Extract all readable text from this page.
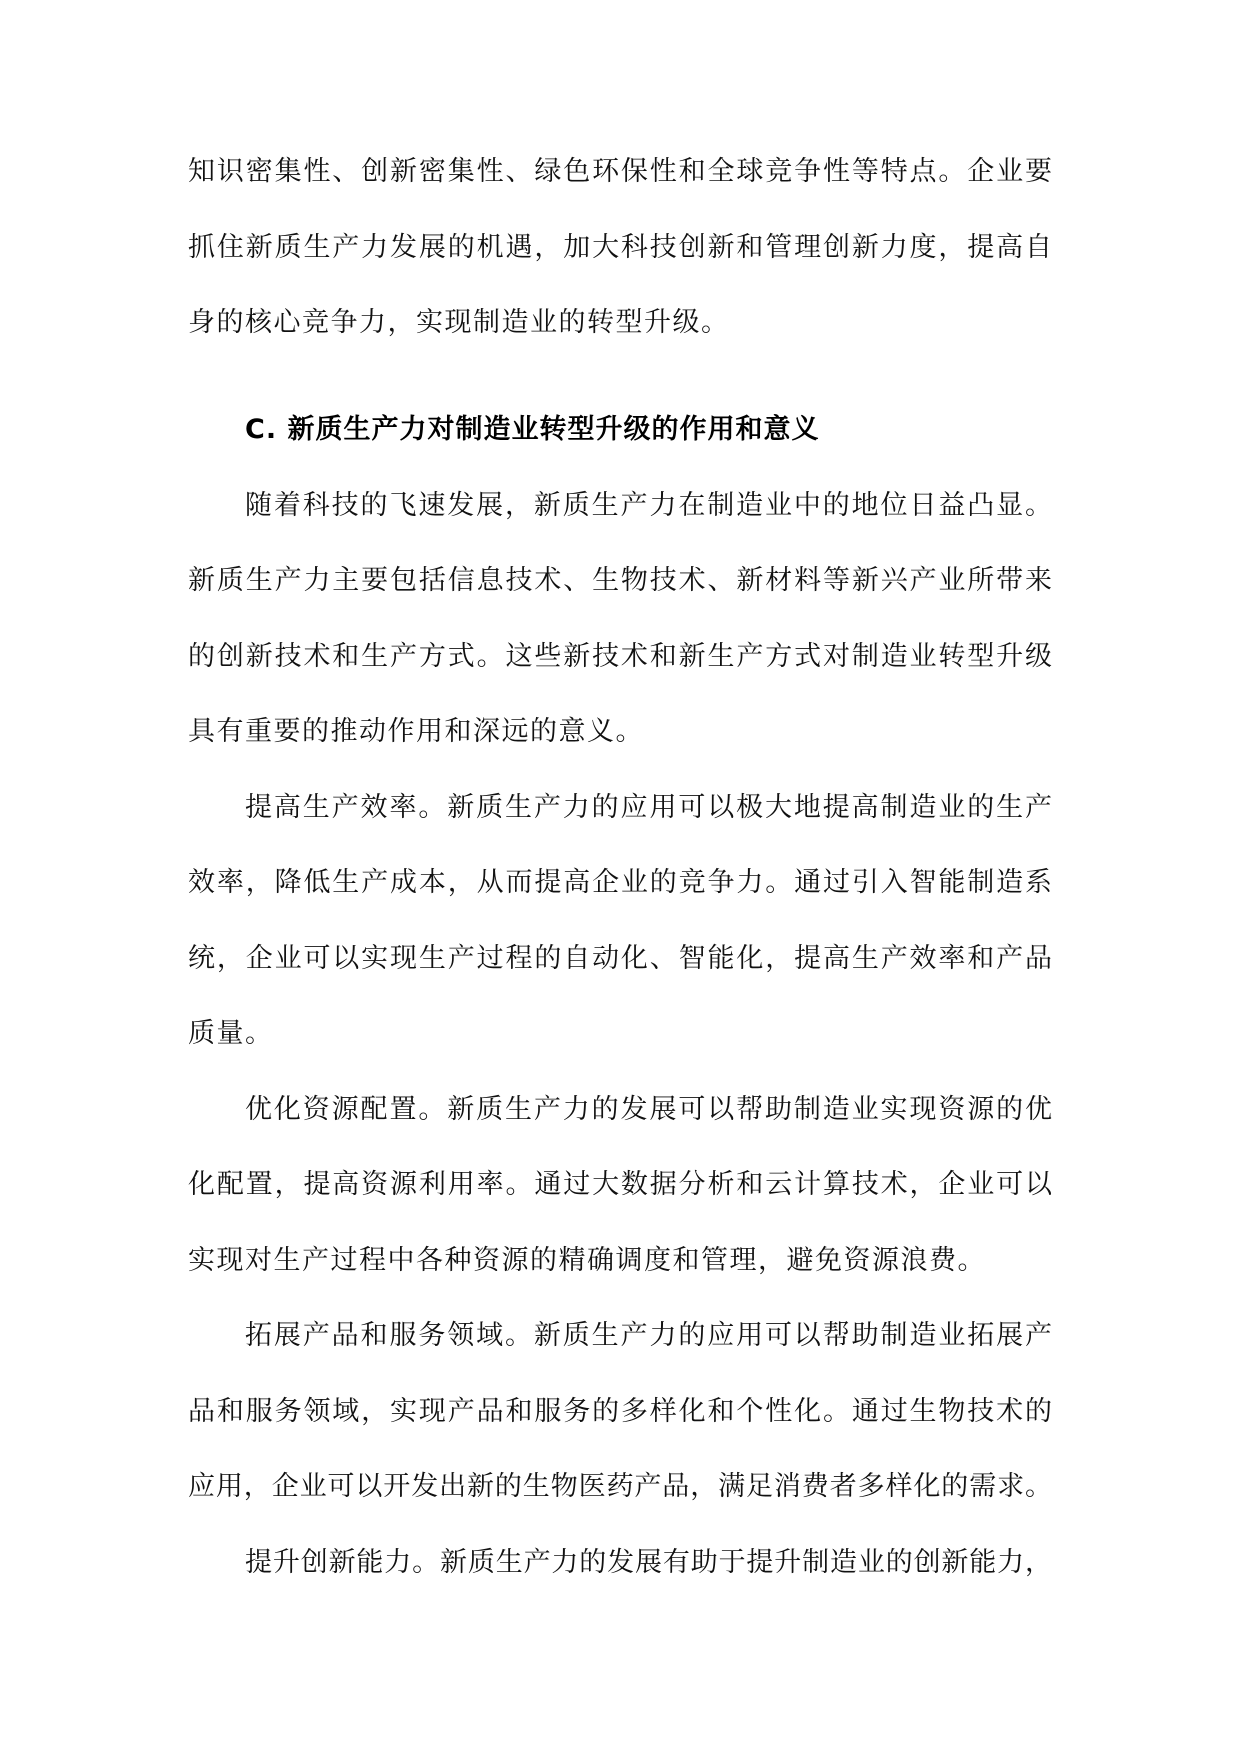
知识密集性、创新密集性、绿色环保性和全球竞争性等特点。企业要
抓住新质生产力发展的机遇，加大科技创新和管理创新力度，提高自
身的核心竞争力，实现制造业的转型升级。
C. 新质生产力对制造业转型升级的作用和意义
随着科技的飞速发展，新质生产力在制造业中的地位日益凸显。
新质生产力主要包括信息技术、生物技术、新材料等新兴产业所带来
的创新技术和生产方式。这些新技术和新生产方式对制造业转型升级
具有重要的推动作用和深远的意义。
提高生产效率。新质生产力的应用可以极大地提高制造业的生产
效率，降低生产成本，从而提高企业的竞争力。通过引入智能制造系
统，企业可以实现生产过程的自动化、智能化，提高生产效率和产品
质量。
优化资源配置。新质生产力的发展可以帮助制造业实现资源的优
化配置，提高资源利用率。通过大数据分析和云计算技术，企业可以
实现对生产过程中各种资源的精确调度和管理，避免资源浪费。
拓展产品和服务领域。新质生产力的应用可以帮助制造业拓展产
品和服务领域，实现产品和服务的多样化和个性化。通过生物技术的
应用，企业可以开发出新的生物医药产品，满足消费者多样化的需求。
提升创新能力。新质生产力的发展有助于提升制造业的创新能力，
